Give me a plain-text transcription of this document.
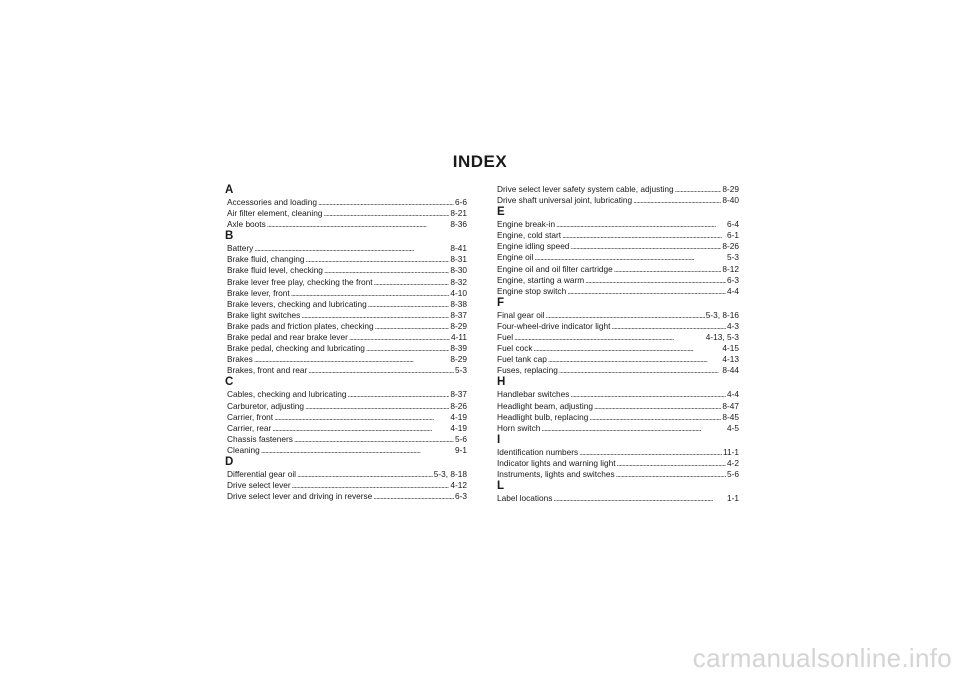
INDEX
A
Accessories and loading . . .	6-6
Air filter element, cleaning . . .	8-21
Axle boots . . .	8-36
B
Battery . . .	8-41
Brake fluid, changing . . .	8-31
Brake fluid level, checking . . .	8-30
Brake lever free play, checking the front . . .	8-32
Brake lever, front . . .	4-10
Brake levers, checking and lubricating . . .	8-38
Brake light switches . . .	8-37
Brake pads and friction plates, checking . . .	8-29
Brake pedal and rear brake lever . . .	4-11
Brake pedal, checking and lubricating . . .	8-39
Brakes . . .	8-29
Brakes, front and rear . . .	5-3
C
Cables, checking and lubricating . . .	8-37
Carburetor, adjusting . . .	8-26
Carrier, front . . .	4-19
Carrier, rear . . .	4-19
Chassis fasteners . . .	5-6
Cleaning . . .	9-1
D
Differential gear oil . . .	5-3, 8-18
Drive select lever . . .	4-12
Drive select lever and driving in reverse . . .	6-3
Drive select lever safety system cable, adjusting . . .	8-29
Drive shaft universal joint, lubricating . . .	8-40
E
Engine break-in . . .	6-4
Engine, cold start . . .	6-1
Engine idling speed . . .	8-26
Engine oil . . .	5-3
Engine oil and oil filter cartridge . . .	8-12
Engine, starting a warm . . .	6-3
Engine stop switch . . .	4-4
F
Final gear oil . . .	5-3, 8-16
Four-wheel-drive indicator light . . .	4-3
Fuel . . .	4-13, 5-3
Fuel cock . . .	4-15
Fuel tank cap . . .	4-13
Fuses, replacing . . .	8-44
H
Handlebar switches . . .	4-4
Headlight beam, adjusting . . .	8-47
Headlight bulb, replacing . . .	8-45
Horn switch . . .	4-5
I
Identification numbers . . .	11-1
Indicator lights and warning light . . .	4-2
Instruments, lights and switches . . .	5-6
L
Label locations . . .	1-1
carmanualsonline.info
